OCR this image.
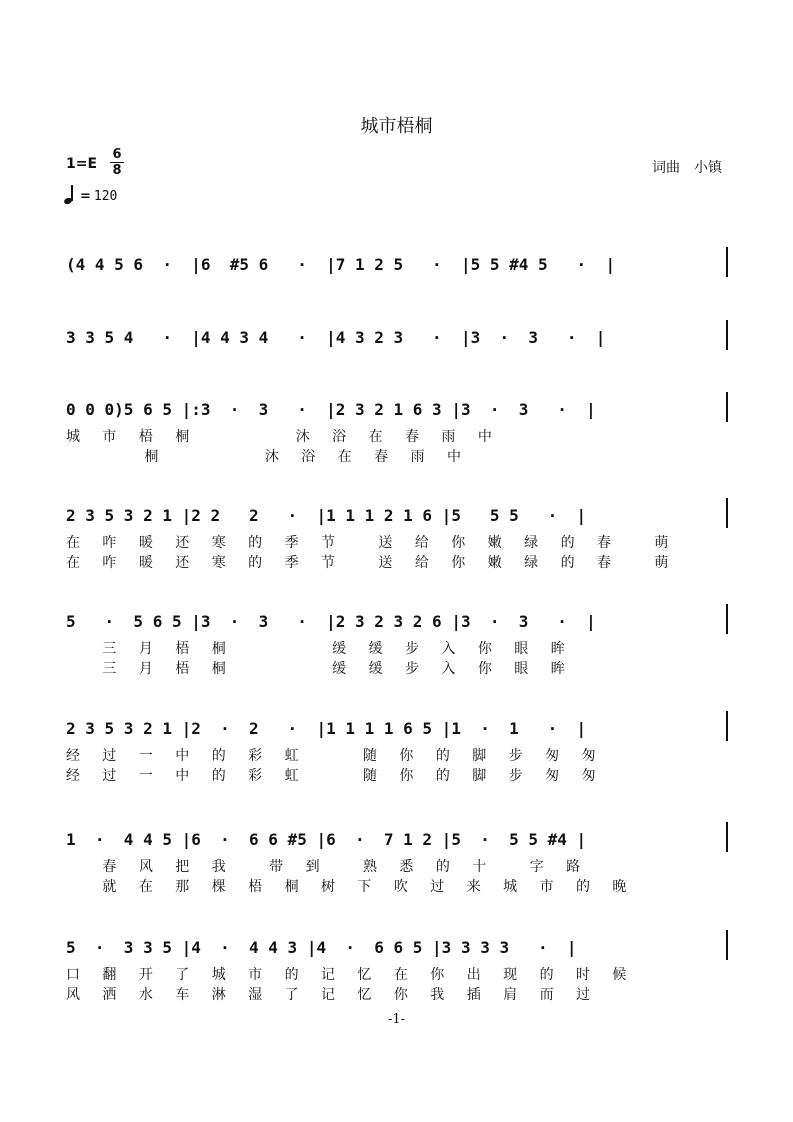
城市梧桐
1=E
6
8	词曲　小镇
= 120
(4 4 5 6  ·  |6  #5 6   ·  |7 1 2 5   ·  |5 5 #4 5   ·  |
3 3 5 4   ·  |4 4 3 4   ·  |4 3 2 3   ·  |3  ·  3   ·  |
0 0 0)5 6 5 |:3  ·  3   ·  |2 3 2 1 6 3 |3  ·  3   ·  |
城 市 梧 桐　　　　 沐 浴 在 春 雨 中
　　　 桐　　　　 沐 浴 在 春 雨 中
2 3 5 3 2 1 |2 2   2   ·  |1 1 1 2 1 6 |5   5 5   ·  |
在 咋 暖 还 寒 的 季 节　 送 给 你 嫩 绿 的 春　 萌
在 咋 暖 还 寒 的 季 节　 送 给 你 嫩 绿 的 春　 萌
5   ·  5 6 5 |3  ·  3   ·  |2 3 2 3 2 6 |3  ·  3   ·  |
　 三 月 梧 桐　　　　 缓 缓 步 入 你 眼 眸
　 三 月 梧 桐　　　　 缓 缓 步 入 你 眼 眸
2 3 5 3 2 1 |2  ·  2   ·  |1 1 1 1 6 5 |1  ·  1   ·  |
经 过 一 中 的 彩 虹　　 随 你 的 脚 步 匆 匆
经 过 一 中 的 彩 虹　　 随 你 的 脚 步 匆 匆
1  ·  4 4 5 |6  ·  6 6 #5 |6  ·  7 1 2 |5  ·  5 5 #4 |
　 春 风 把 我　 带 到　 熟 悉 的 十　 字 路
　 就 在 那 棵 梧 桐 树 下 吹 过 来 城 市 的 晚
5  ·  3 3 5 |4  ·  4 4 3 |4  ·  6 6 5 |3 3 3 3   ·  |
口 翻 开 了 城 市 的 记 忆 在 你 出 现 的 时 候
风 洒 水 车 淋 湿 了 记 忆 你 我 插 肩 而 过
-1-
